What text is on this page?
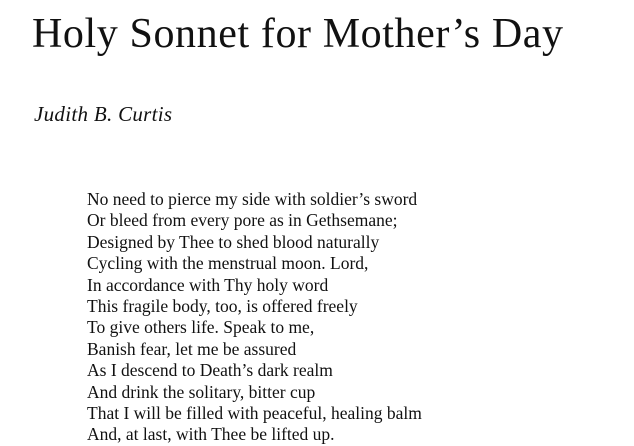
Holy Sonnet for Mother’s Day

Judith B. Curtis

No need to pierce my side with soldier’s sword
Or bleed from every pore as in Gethsemane;
Designed by Thee to shed blood naturally
Cycling with the menstrual moon. Lord,
In accordance with Thy holy word
This fragile body, too, is offered freely
To give others life. Speak to me,
Banish fear, let me be assured
As I descend to Death’s dark realm
And drink the solitary, bitter cup
That I will be filled with peaceful, healing balm
And, at last, with Thee be lifted up.
